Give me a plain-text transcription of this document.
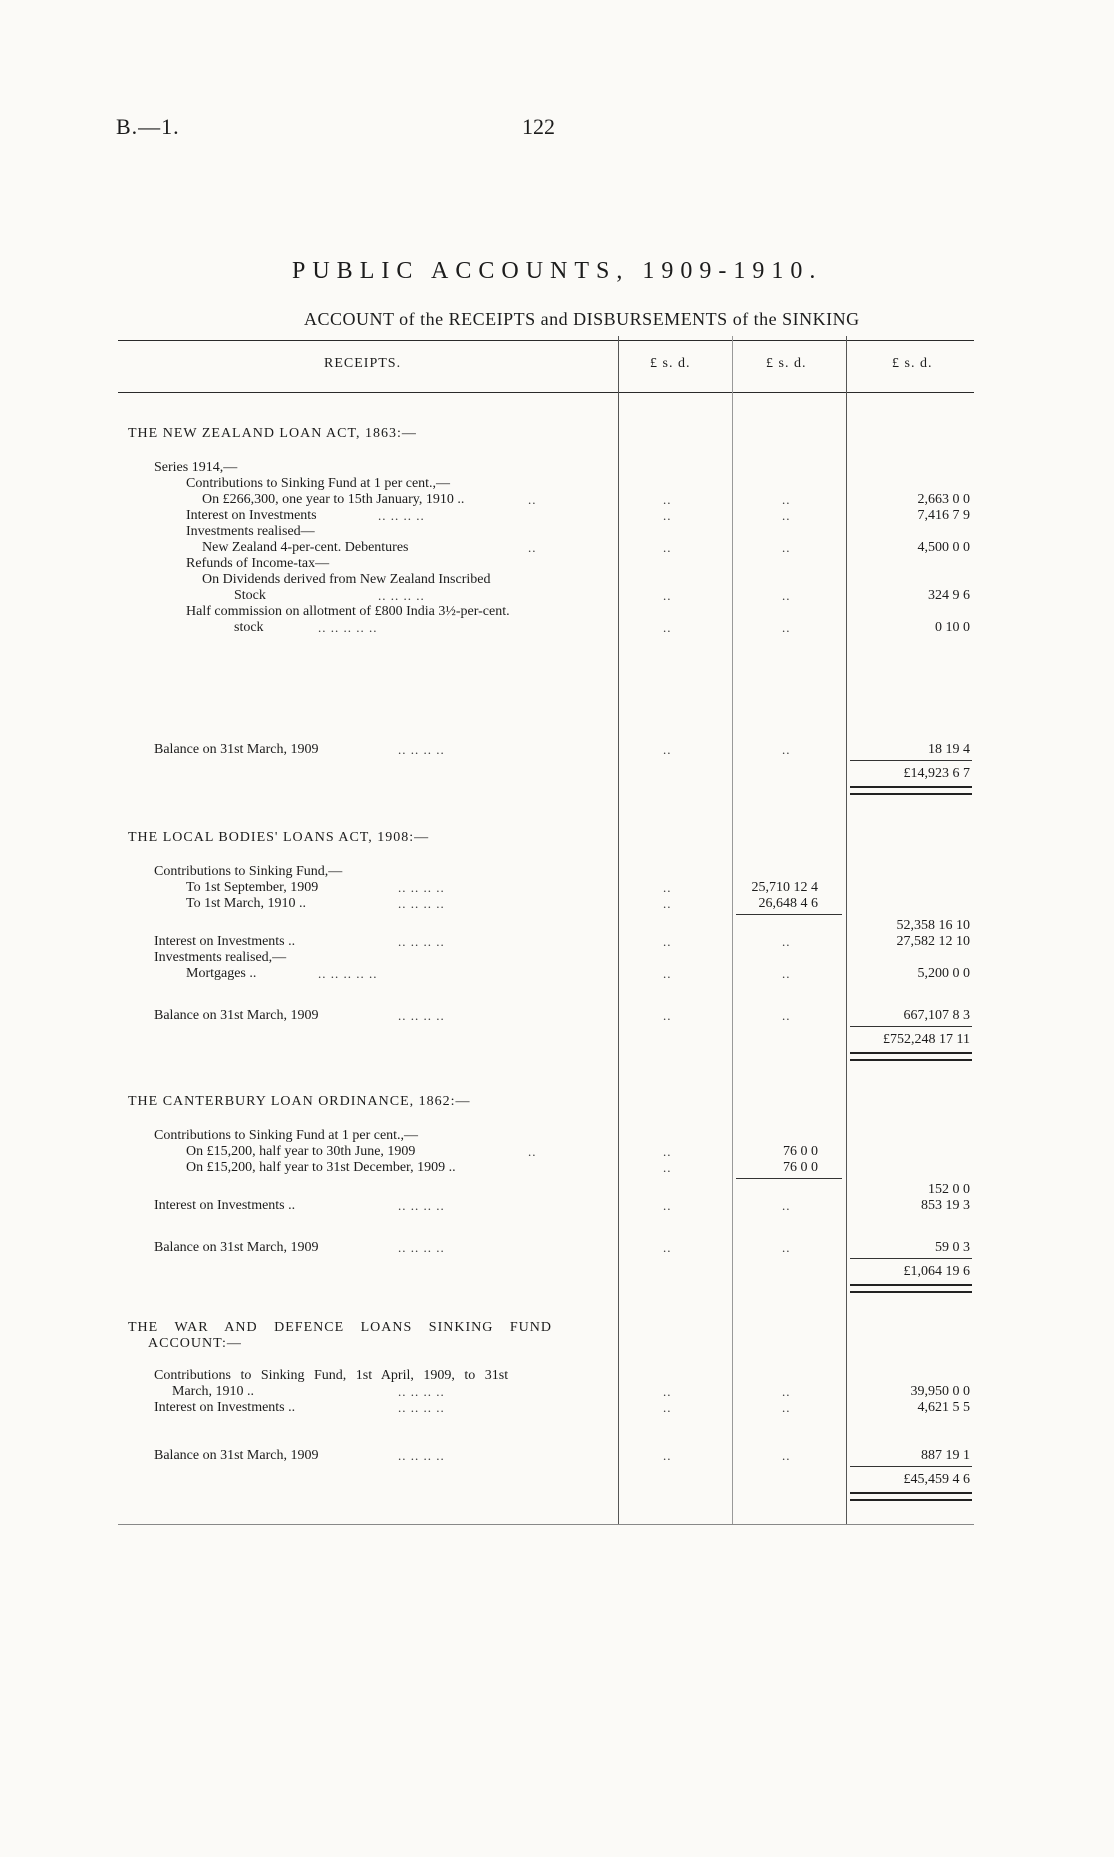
B.—1.	122
PUBLIC ACCOUNTS, 1909-1910.
ACCOUNT of the RECEIPTS and DISBURSEMENTS of the SINKING
RECEIPTS.	£ s. d.	£ s. d.	£ s. d.
THE NEW ZEALAND LOAN ACT, 1863:—
Series 1914,—
Contributions to Sinking Fund at 1 per cent.,—
On £266,300, one year to 15th January, 1910 ..	..	..	..	2,663 0 0
Interest on Investments	.. .. .. ..	..	..	7,416 7 9
Investments realised—
New Zealand 4-per-cent. Debentures	..	..	..	4,500 0 0
Refunds of Income-tax—
On Dividends derived from New Zealand Inscribed
Stock	.. .. .. ..	..	..	324 9 6
Half commission on allotment of £800 India 3½-per-cent.
stock	.. .. .. .. ..	..	..	0 10 0
Balance on 31st March, 1909	.. .. .. ..	..	..	18 19 4
£14,923 6 7
THE LOCAL BODIES' LOANS ACT, 1908:—
Contributions to Sinking Fund,—
To 1st September, 1909	.. .. .. ..	..	25,710 12 4
To 1st March, 1910 ..	.. .. .. ..	..	26,648 4 6
52,358 16 10
Interest on Investments ..	.. .. .. ..	..	..	27,582 12 10
Investments realised,—
Mortgages ..	.. .. .. .. ..	..	..	5,200 0 0
Balance on 31st March, 1909	.. .. .. ..	..	..	667,107 8 3
£752,248 17 11
THE CANTERBURY LOAN ORDINANCE, 1862:—
Contributions to Sinking Fund at 1 per cent.,—
On £15,200, half year to 30th June, 1909	..	..	76 0 0
On £15,200, half year to 31st December, 1909 ..	..	76 0 0
152 0 0
Interest on Investments ..	.. .. .. ..	..	..	853 19 3
Balance on 31st March, 1909	.. .. .. ..	..	..	59 0 3
£1,064 19 6
THE WAR AND DEFENCE LOANS SINKING FUND
ACCOUNT:—
Contributions to Sinking Fund, 1st April, 1909, to 31st
March, 1910 ..	.. .. .. ..	..	..	39,950 0 0
Interest on Investments ..	.. .. .. ..	..	..	4,621 5 5
Balance on 31st March, 1909	.. .. .. ..	..	..	887 19 1
£45,459 4 6
